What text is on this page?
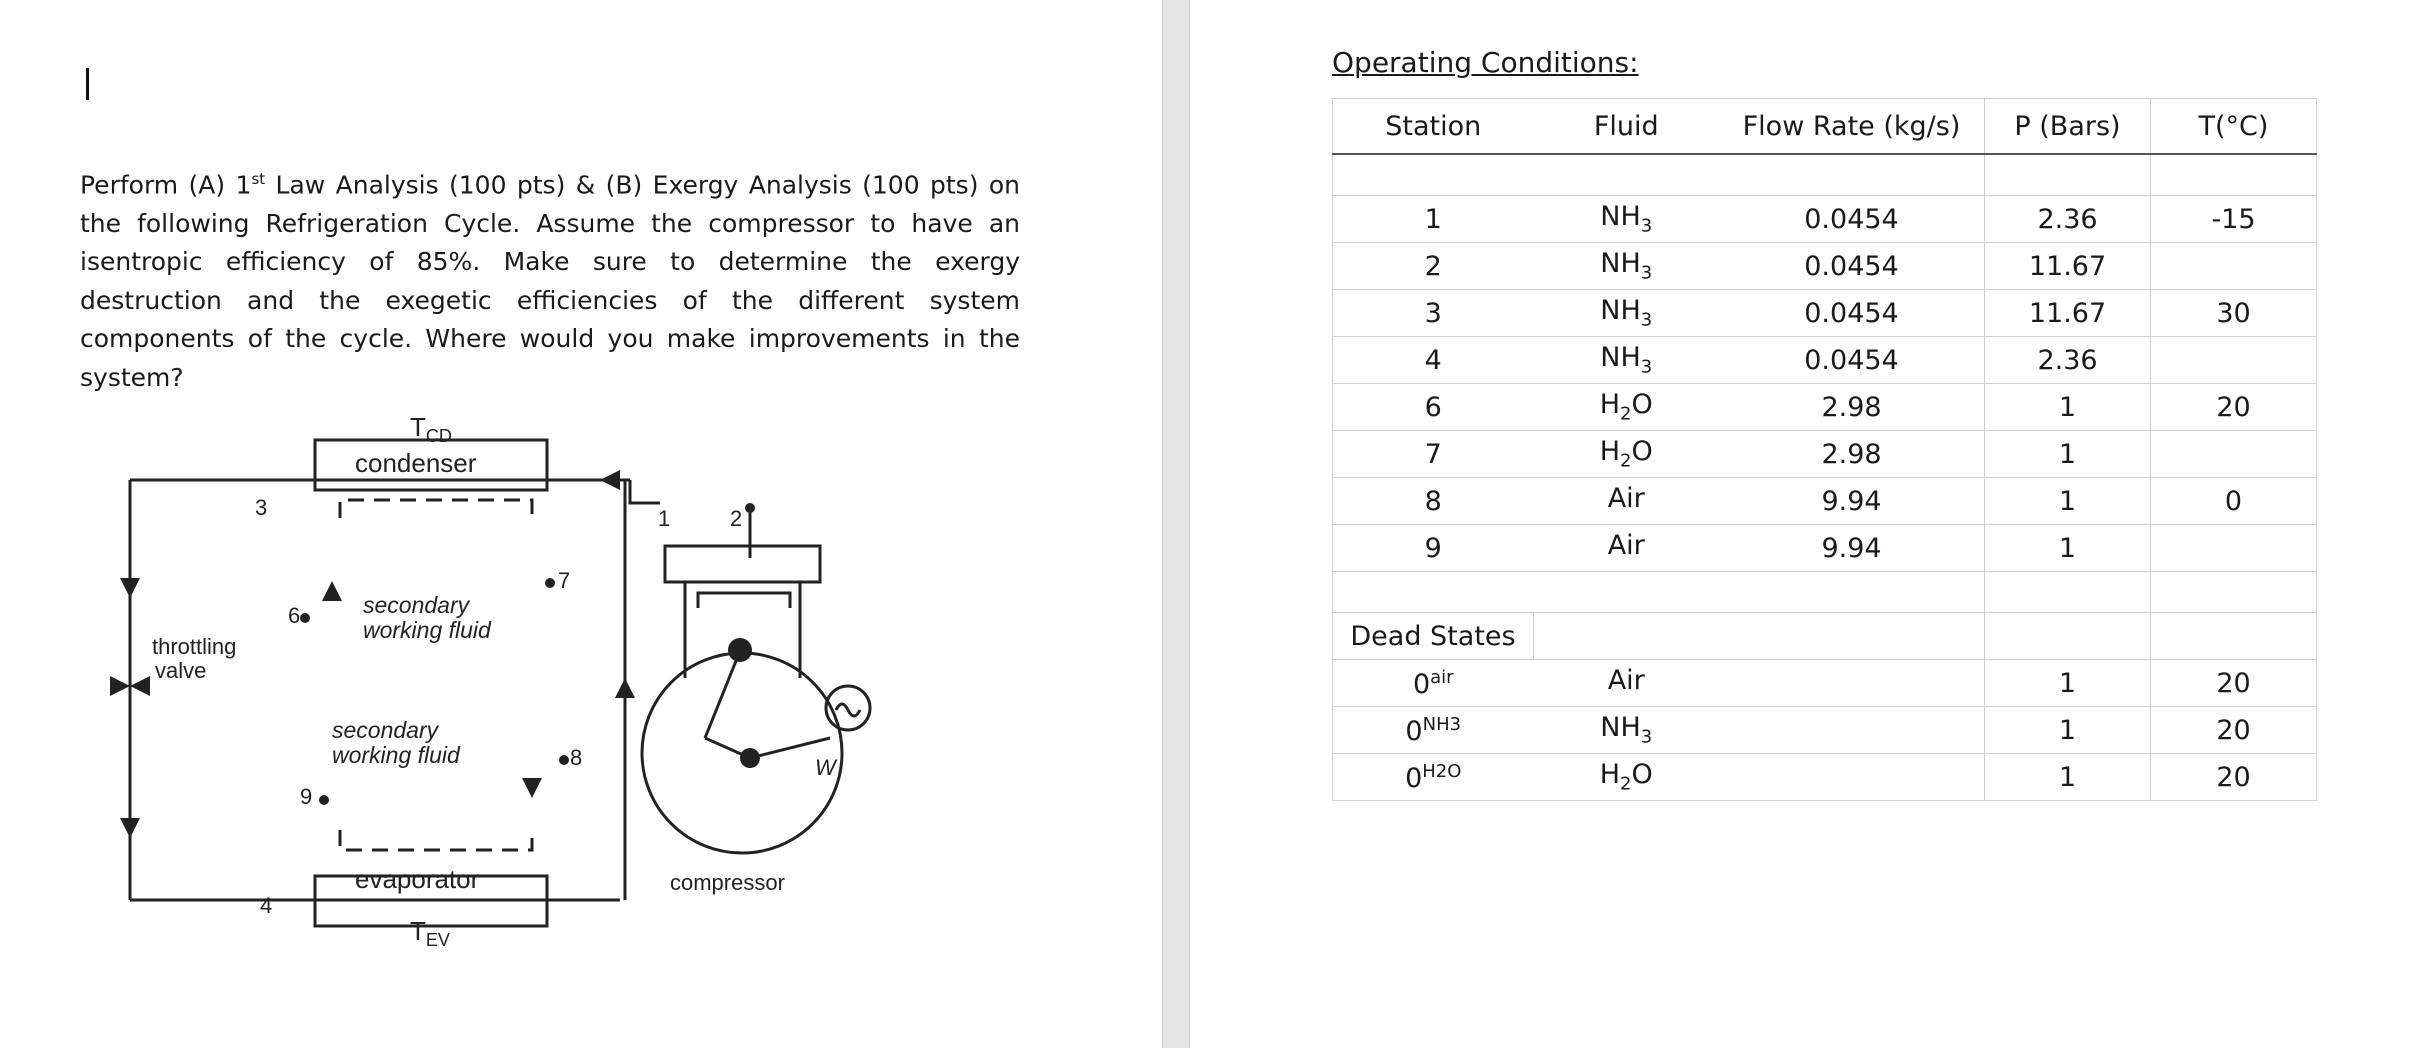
Perform (A) 1st Law Analysis (100 pts) & (B) Exergy Analysis (100 pts) on the following Refrigeration Cycle. Assume the compressor to have an isentropic efficiency of 85%. Make sure to determine the exergy destruction and the exegetic efficiencies of the different system components of the cycle. Where would you make improvements in the system?

3
4
1	2
6
7
8
9
$T_{CD}$
$T_{EV}$
condenser
evaporator
secondary
working fluid
secondary
working fluid
throttling
valve
compressor
W

Operating Conditions:

Station	Fluid	Flow Rate (kg/s)	P (Bars)	T(°C)

1	$NH_3$	0.0454	2.36	-15
2	$NH_3$	0.0454	11.67	
3	$NH_3$	0.0454	11.67	30
4	$NH_3$	0.0454	2.36	
6	$H_2O$	2.98	1	20
7	$H_2O$	2.98	1	
8	Air	9.94	1	0
9	Air	9.94	1	

Dead States				
$0^{air}$	Air		1	20
$0^{NH3}$	$NH_3$		1	20
$0^{H2O}$	$H_2O$		1	20
